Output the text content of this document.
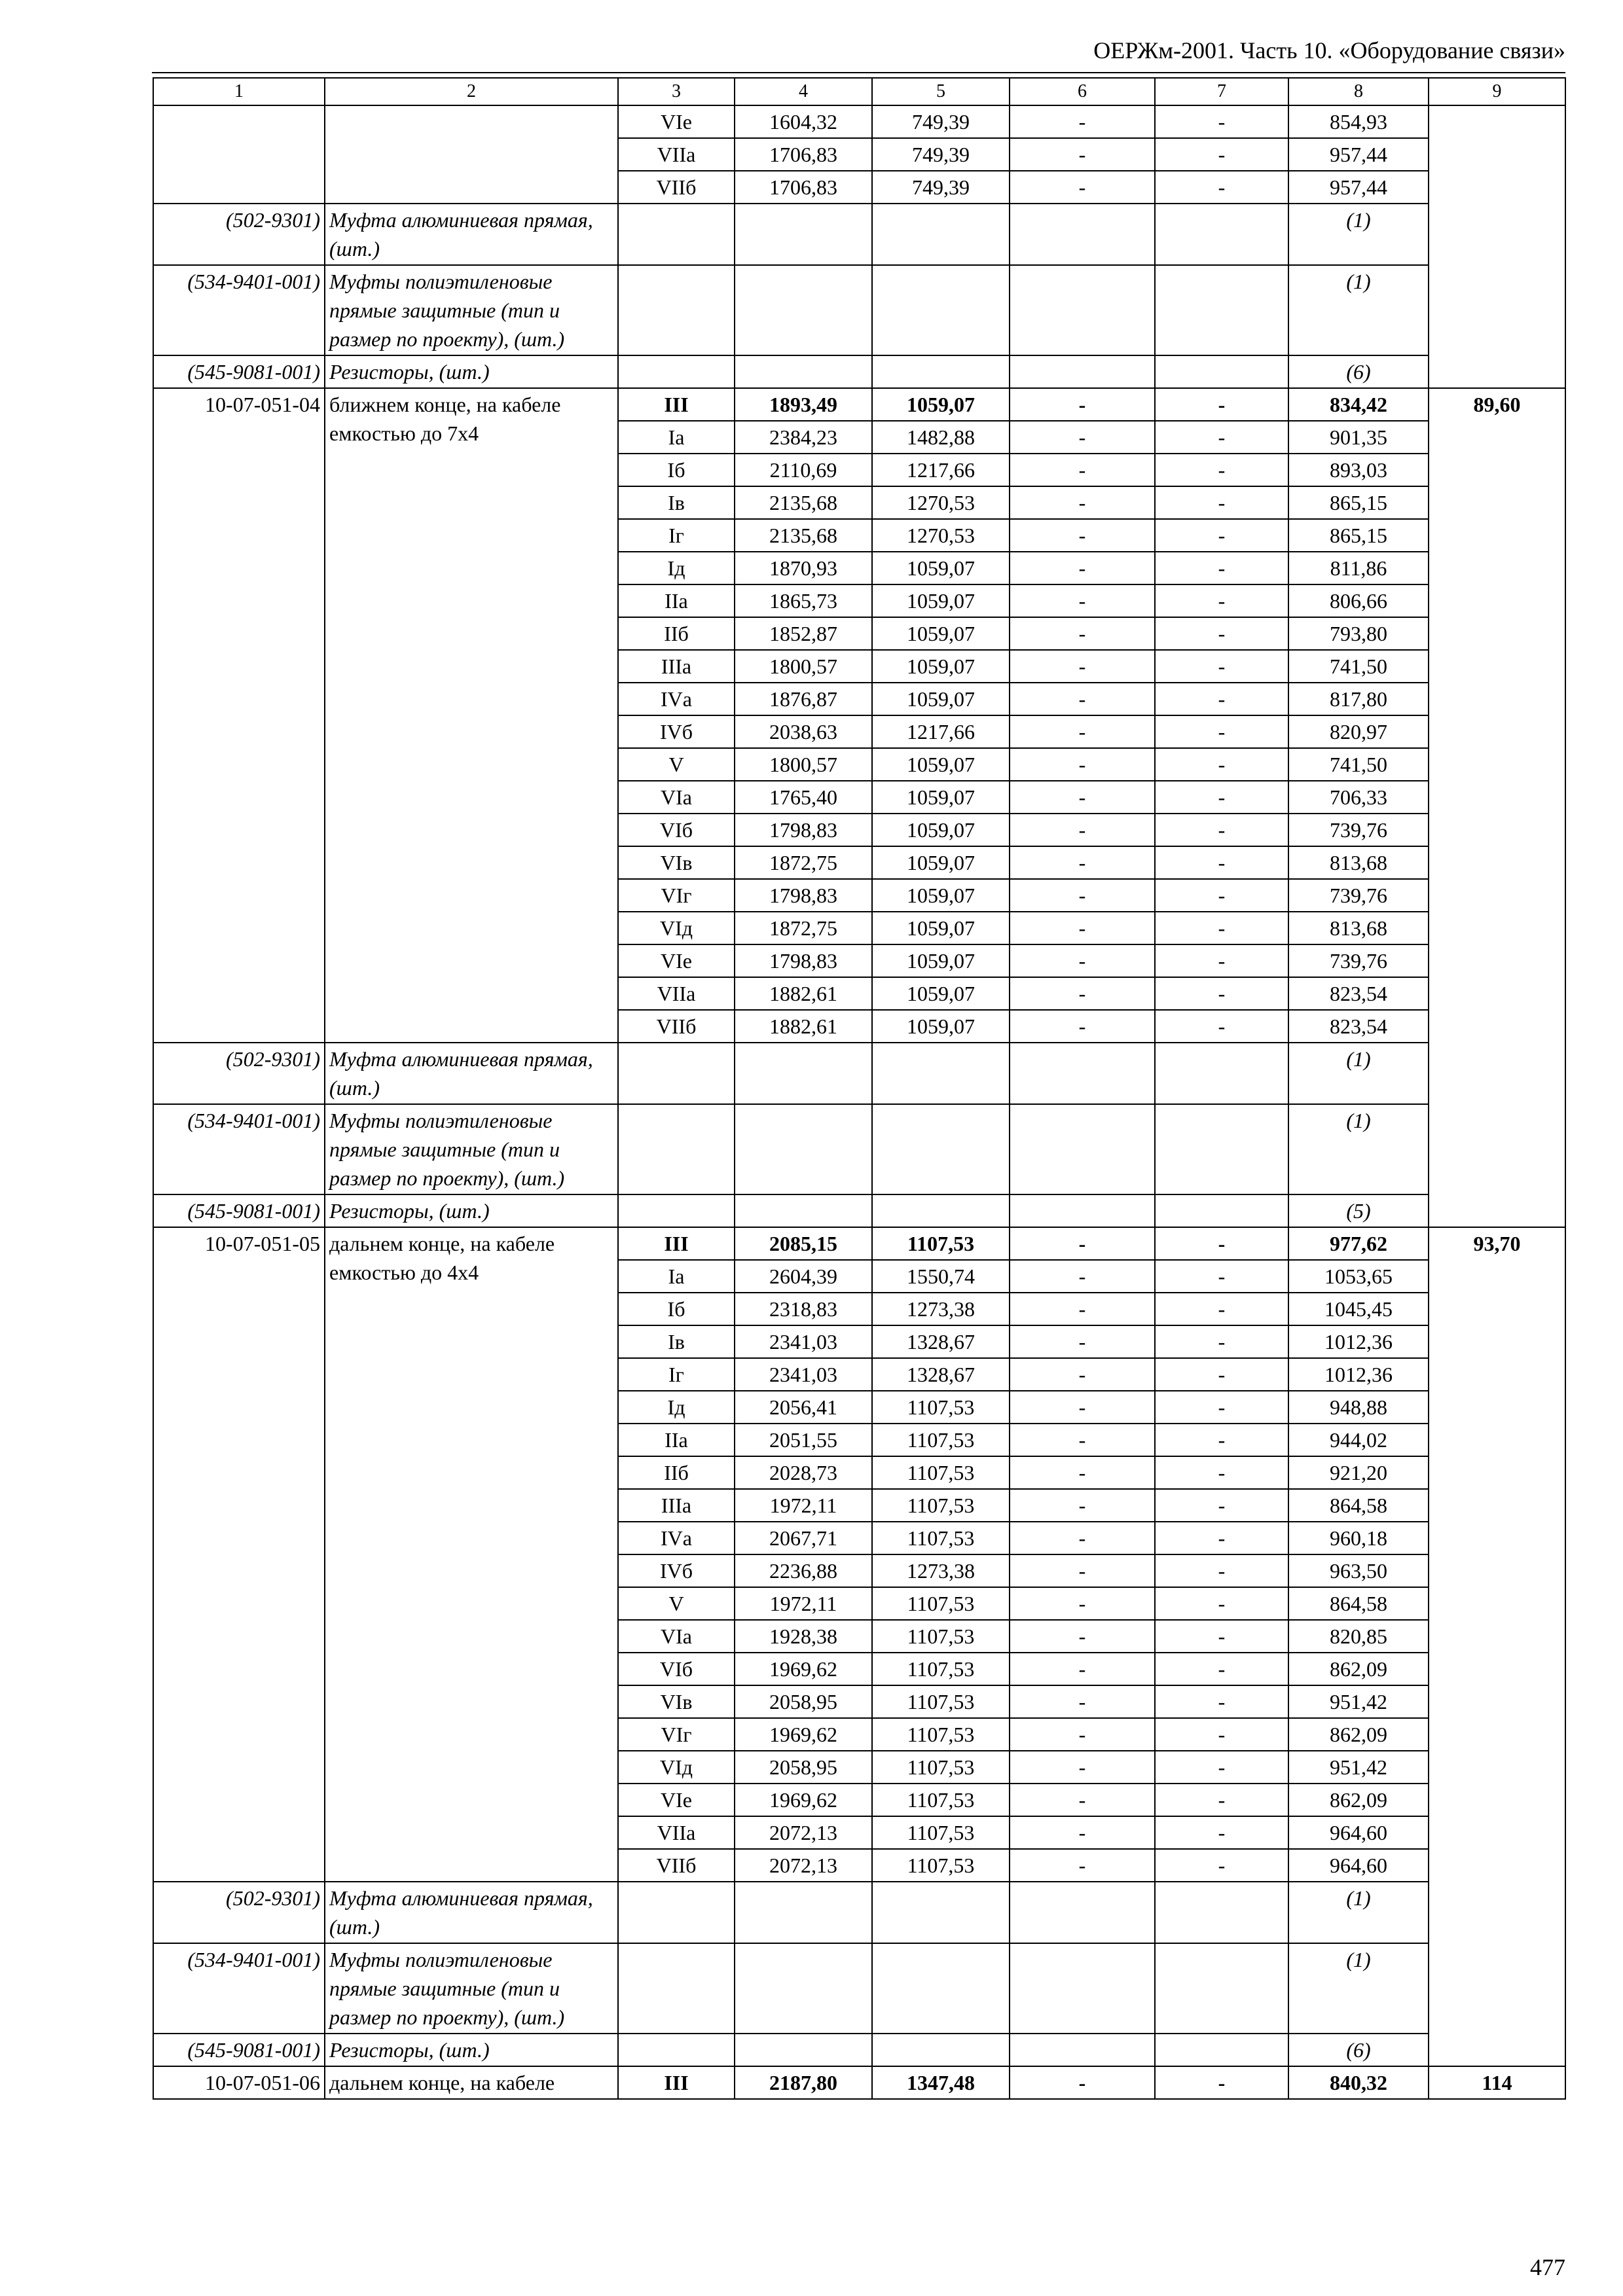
ОЕРЖм-2001. Часть 10. «Оборудование связи»
1	2	3	4	5	6	7	8	9
		VIе	1604,32	749,39	-	-	854,93	
		VIIа	1706,83	749,39	-	-	957,44	
		VIIб	1706,83	749,39	-	-	957,44	
(502-9301)	Муфта алюминиевая прямая, (шт.)						(1)	
(534-9401-001)	Муфты полиэтиленовые прямые защитные (тип и размер по проекту), (шт.)						(1)	
(545-9081-001)	Резисторы, (шт.)						(6)	
10-07-051-04	ближнем конце, на кабеле емкостью до 7х4	III	1893,49	1059,07	-	-	834,42	89,60
		Iа	2384,23	1482,88	-	-	901,35	
		Iб	2110,69	1217,66	-	-	893,03	
		Iв	2135,68	1270,53	-	-	865,15	
		Iг	2135,68	1270,53	-	-	865,15	
		Iд	1870,93	1059,07	-	-	811,86	
		IIа	1865,73	1059,07	-	-	806,66	
		IIб	1852,87	1059,07	-	-	793,80	
		IIIа	1800,57	1059,07	-	-	741,50	
		IVа	1876,87	1059,07	-	-	817,80	
		IVб	2038,63	1217,66	-	-	820,97	
		V	1800,57	1059,07	-	-	741,50	
		VIа	1765,40	1059,07	-	-	706,33	
		VIб	1798,83	1059,07	-	-	739,76	
		VIв	1872,75	1059,07	-	-	813,68	
		VIг	1798,83	1059,07	-	-	739,76	
		VIд	1872,75	1059,07	-	-	813,68	
		VIе	1798,83	1059,07	-	-	739,76	
		VIIа	1882,61	1059,07	-	-	823,54	
		VIIб	1882,61	1059,07	-	-	823,54	
(502-9301)	Муфта алюминиевая прямая, (шт.)						(1)	
(534-9401-001)	Муфты полиэтиленовые прямые защитные (тип и размер по проекту), (шт.)						(1)	
(545-9081-001)	Резисторы, (шт.)						(5)	
10-07-051-05	дальнем конце, на кабеле емкостью до 4х4	III	2085,15	1107,53	-	-	977,62	93,70
		Iа	2604,39	1550,74	-	-	1053,65	
		Iб	2318,83	1273,38	-	-	1045,45	
		Iв	2341,03	1328,67	-	-	1012,36	
		Iг	2341,03	1328,67	-	-	1012,36	
		Iд	2056,41	1107,53	-	-	948,88	
		IIа	2051,55	1107,53	-	-	944,02	
		IIб	2028,73	1107,53	-	-	921,20	
		IIIа	1972,11	1107,53	-	-	864,58	
		IVа	2067,71	1107,53	-	-	960,18	
		IVб	2236,88	1273,38	-	-	963,50	
		V	1972,11	1107,53	-	-	864,58	
		VIа	1928,38	1107,53	-	-	820,85	
		VIб	1969,62	1107,53	-	-	862,09	
		VIв	2058,95	1107,53	-	-	951,42	
		VIг	1969,62	1107,53	-	-	862,09	
		VIд	2058,95	1107,53	-	-	951,42	
		VIе	1969,62	1107,53	-	-	862,09	
		VIIа	2072,13	1107,53	-	-	964,60	
		VIIб	2072,13	1107,53	-	-	964,60	
(502-9301)	Муфта алюминиевая прямая, (шт.)						(1)	
(534-9401-001)	Муфты полиэтиленовые прямые защитные (тип и размер по проекту), (шт.)						(1)	
(545-9081-001)	Резисторы, (шт.)						(6)	
10-07-051-06	дальнем конце, на кабеле	III	2187,80	1347,48	-	-	840,32	114
477
